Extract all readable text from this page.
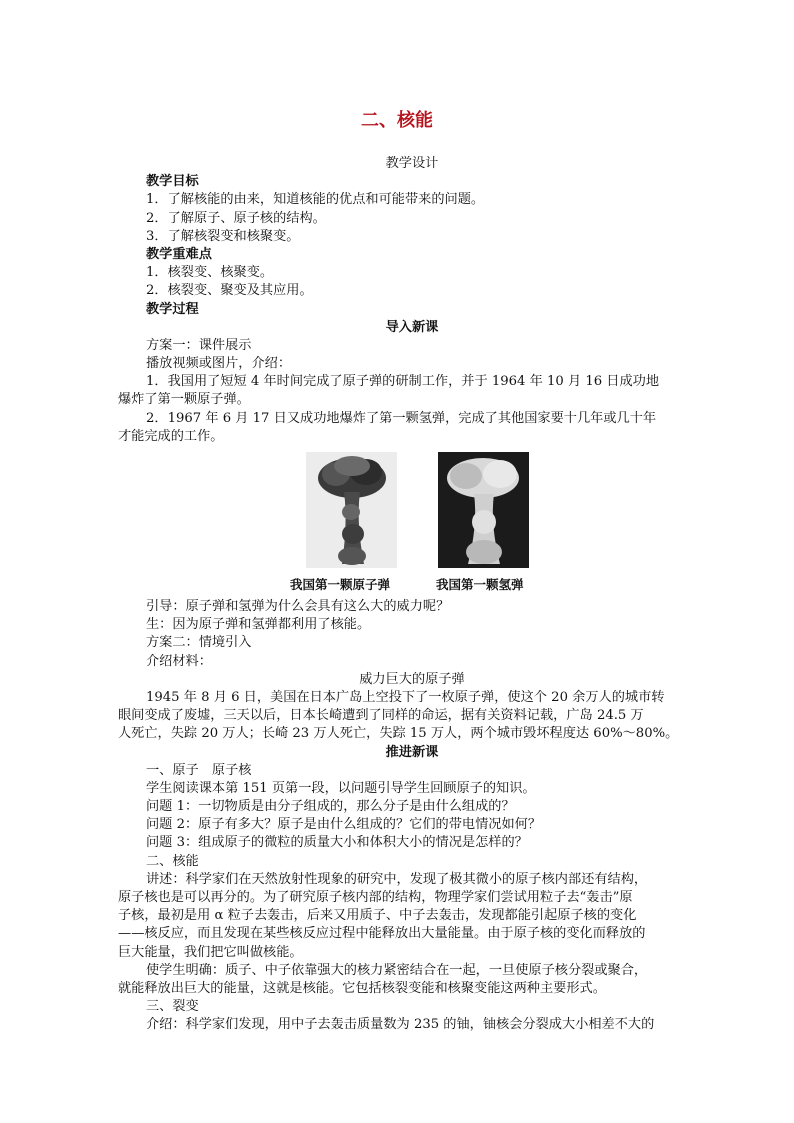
二、核能
教学设计
教学目标
1．了解核能的由来，知道核能的优点和可能带来的问题。
2．了解原子、原子核的结构。
3．了解核裂变和核聚变。
教学重难点
1．核裂变、核聚变。
2．核裂变、聚变及其应用。
教学过程
导入新课
方案一：课件展示
播放视频或图片，介绍：
1．我国用了短短 4 年时间完成了原子弹的研制工作，并于 1964 年 10 月 16 日成功地
爆炸了第一颗原子弹。
2．1967 年 6 月 17 日又成功地爆炸了第一颗氢弹，完成了其他国家要十几年或几十年
才能完成的工作。
我国第一颗原子弹	我国第一颗氢弹
引导：原子弹和氢弹为什么会具有这么大的威力呢？
生：因为原子弹和氢弹都利用了核能。
方案二：情境引入
介绍材料：
威力巨大的原子弹
1945 年 8 月 6 日，美国在日本广岛上空投下了一枚原子弹，使这个 20 余万人的城市转
眼间变成了废墟，三天以后，日本长崎遭到了同样的命运，据有关资料记载，广岛 24.5 万
人死亡，失踪 20 万人；长崎 23 万人死亡，失踪 15 万人，两个城市毁坏程度达 60%～80%。
推进新课
一、原子　原子核
学生阅读课本第 151 页第一段，以问题引导学生回顾原子的知识。
问题 1：一切物质是由分子组成的，那么分子是由什么组成的？
问题 2：原子有多大？原子是由什么组成的？它们的带电情况如何？
问题 3：组成原子的微粒的质量大小和体积大小的情况是怎样的？
二、核能
讲述：科学家们在天然放射性现象的研究中，发现了极其微小的原子核内部还有结构，
原子核也是可以再分的。为了研究原子核内部的结构，物理学家们尝试用粒子去“轰击”原
子核，最初是用 α 粒子去轰击，后来又用质子、中子去轰击，发现都能引起原子核的变化
——核反应，而且发现在某些核反应过程中能释放出大量能量。由于原子核的变化而释放的
巨大能量，我们把它叫做核能。
使学生明确：质子、中子依靠强大的核力紧密结合在一起，一旦使原子核分裂或聚合，
就能释放出巨大的能量，这就是核能。它包括核裂变能和核聚变能这两种主要形式。
三、裂变
介绍：科学家们发现，用中子去轰击质量数为 235 的铀，铀核会分裂成大小相差不大的
